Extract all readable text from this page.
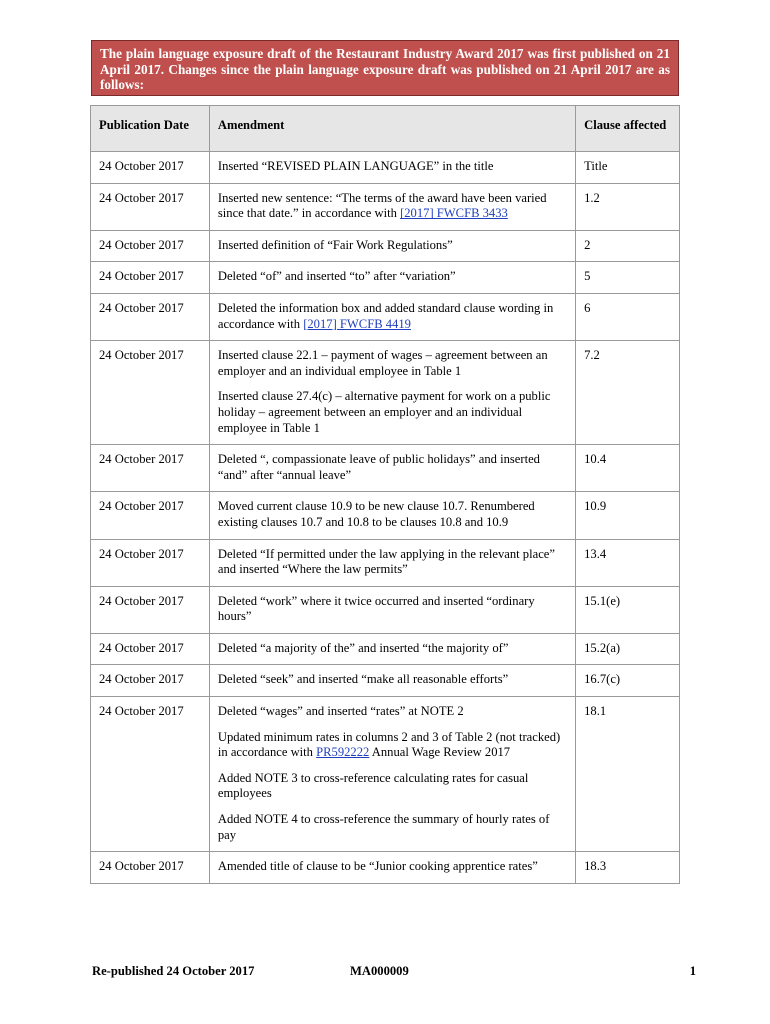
The plain language exposure draft of the Restaurant Industry Award 2017 was first published on 21 April 2017. Changes since the plain language exposure draft was published on 21 April 2017 are as follows:
Publication Date	Amendment	Clause affected
24 October 2017	Inserted “REVISED PLAIN LANGUAGE” in the title	Title
24 October 2017	Inserted new sentence: “The terms of the award have been varied since that date.” in accordance with [2017] FWCFB 3433	1.2
24 October 2017	Inserted definition of “Fair Work Regulations”	2
24 October 2017	Deleted “of” and inserted “to” after “variation”	5
24 October 2017	Deleted the information box and added standard clause wording in accordance with [2017] FWCFB 4419	6
24 October 2017	Inserted clause 22.1 – payment of wages – agreement between an employer and an individual employee in Table 1
Inserted clause 27.4(c) – alternative payment for work on a public holiday – agreement between an employer and an individual employee in Table 1	7.2
24 October 2017	Deleted “, compassionate leave of public holidays” and inserted “and” after “annual leave”	10.4
24 October 2017	Moved current clause 10.9 to be new clause 10.7. Renumbered existing clauses 10.7 and 10.8 to be clauses 10.8 and 10.9	10.9
24 October 2017	Deleted “If permitted under the law applying in the relevant place” and inserted “Where the law permits”	13.4
24 October 2017	Deleted “work” where it twice occurred and inserted “ordinary hours”	15.1(e)
24 October 2017	Deleted “a majority of the” and inserted “the majority of”	15.2(a)
24 October 2017	Deleted “seek” and inserted “make all reasonable efforts”	16.7(c)
24 October 2017	Deleted “wages” and inserted “rates” at NOTE 2
Updated minimum rates in columns 2 and 3 of Table 2 (not tracked) in accordance with PR592222 Annual Wage Review 2017
Added NOTE 3 to cross-reference calculating rates for casual employees
Added NOTE 4 to cross-reference the summary of hourly rates of pay	18.1
24 October 2017	Amended title of clause to be “Junior cooking apprentice rates”	18.3
Re-published 24 October 2017	MA000009	1
